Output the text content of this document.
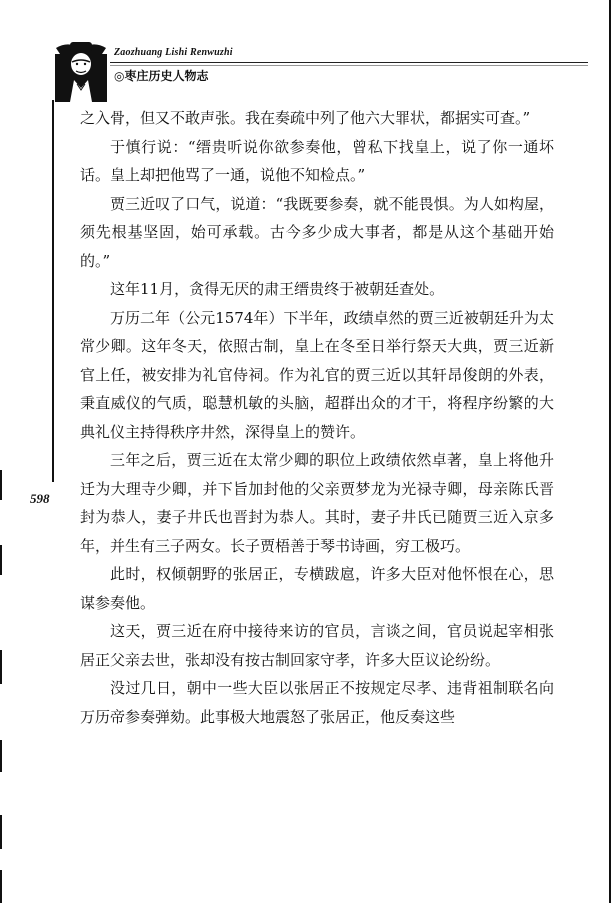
Zaozhuang Lishi Renwuzhi
◎枣庄历史人物志
598

之入骨，但又不敢声张。我在奏疏中列了他六大罪状，都据实可查。”

于慎行说：“缙贵听说你欲参奏他，曾私下找皇上，说了你一通坏话。皇上却把他骂了一通，说他不知检点。”

贾三近叹了口气，说道：“我既要参奏，就不能畏惧。为人如构屋，须先根基坚固，始可承载。古今多少成大事者，都是从这个基础开始的。”

这年11月，贪得无厌的肃王缙贵终于被朝廷查处。

万历二年（公元1574年）下半年，政绩卓然的贾三近被朝廷升为太常少卿。这年冬天，依照古制，皇上在冬至日举行祭天大典，贾三近新官上任，被安排为礼官侍祠。作为礼官的贾三近以其轩昂俊朗的外表，秉直威仪的气质，聪慧机敏的头脑，超群出众的才干，将程序纷繁的大典礼仪主持得秩序井然，深得皇上的赞许。

三年之后，贾三近在太常少卿的职位上政绩依然卓著，皇上将他升迁为大理寺少卿，并下旨加封他的父亲贾梦龙为光禄寺卿，母亲陈氏晋封为恭人，妻子井氏也晋封为恭人。其时，妻子井氏已随贾三近入京多年，并生有三子两女。长子贾梧善于琴书诗画，穷工极巧。

此时，权倾朝野的张居正，专横跋扈，许多大臣对他怀恨在心，思谋参奏他。

这天，贾三近在府中接待来访的官员，言谈之间，官员说起宰相张居正父亲去世，张却没有按古制回家守孝，许多大臣议论纷纷。

没过几日，朝中一些大臣以张居正不按规定尽孝、违背祖制联名向万历帝参奏弹劾。此事极大地震怒了张居正，他反奏这些
